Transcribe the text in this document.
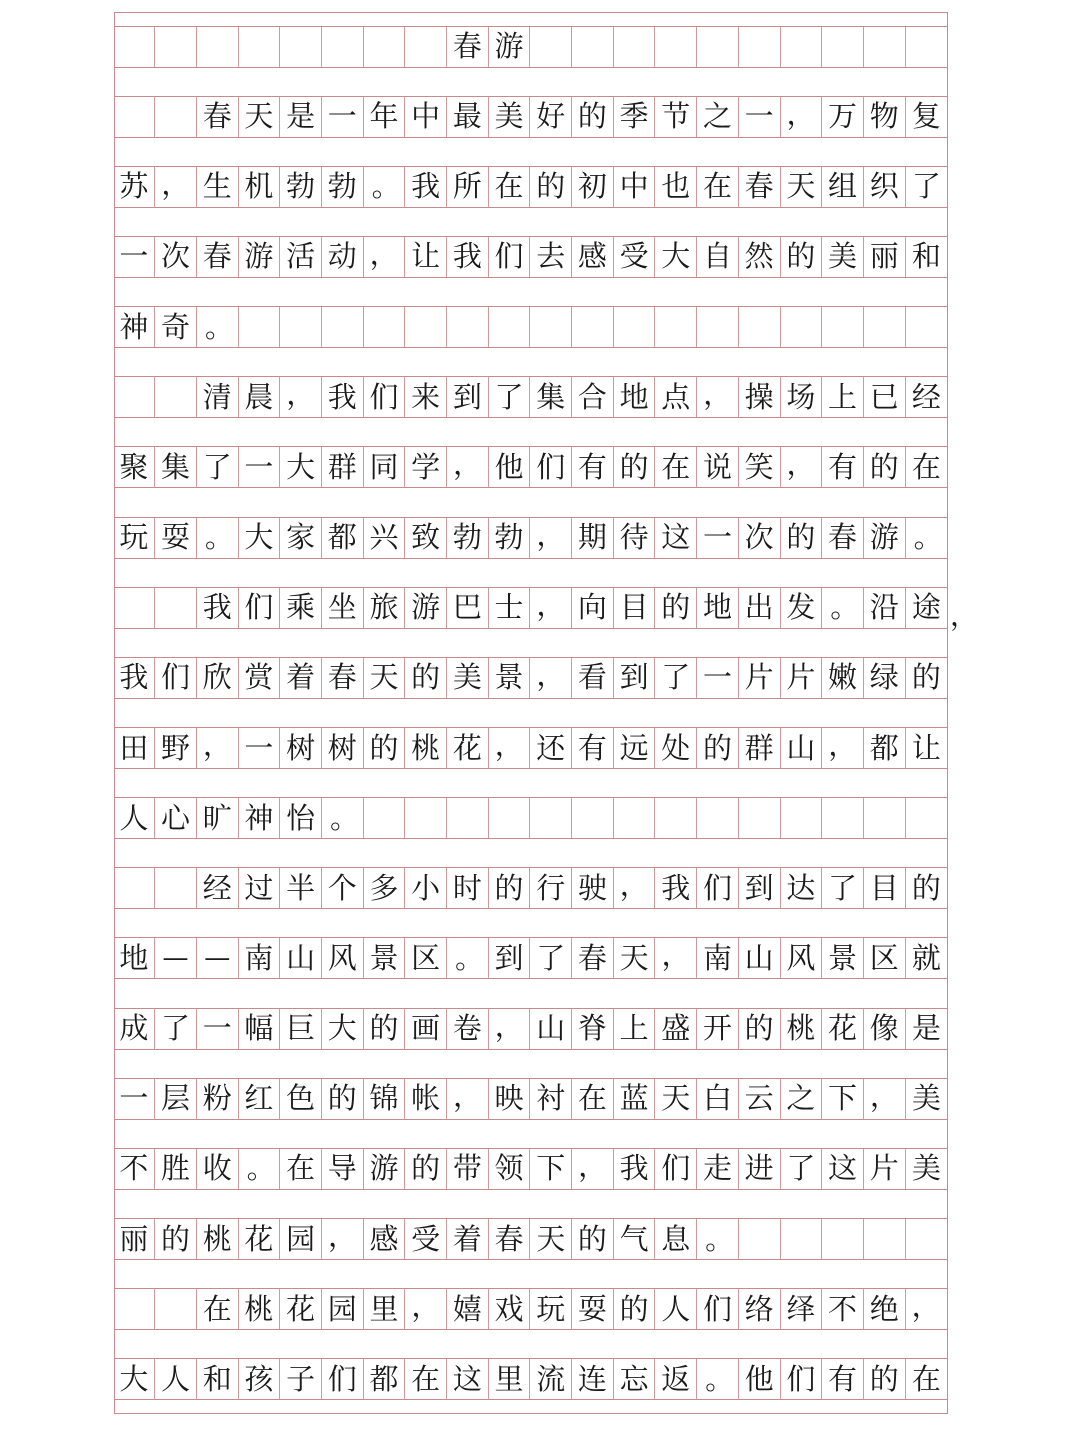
春 游
春 天 是 一 年 中 最 美 好 的 季 节 之 一 ， 万 物 复
苏 ， 生 机 勃 勃 。 我 所 在 的 初 中 也 在 春 天 组 织 了
一 次 春 游 活 动 ， 让 我 们 去 感 受 大 自 然 的 美 丽 和
神 奇 。
清 晨 ， 我 们 来 到 了 集 合 地 点 ， 操 场 上 已 经
聚 集 了 一 大 群 同 学 ， 他 们 有 的 在 说 笑 ， 有 的 在
玩 耍 。 大 家 都 兴 致 勃 勃 ， 期 待 这 一 次 的 春 游 。
我 们 乘 坐 旅 游 巴 士 ， 向 目 的 地 出 发 。 沿 途
我 们 欣 赏 着 春 天 的 美 景 ， 看 到 了 一 片 片 嫩 绿 的
田 野 ， 一 树 树 的 桃 花 ， 还 有 远 处 的 群 山 ， 都 让
人 心 旷 神 怡 。
经 过 半 个 多 小 时 的 行 驶 ， 我 们 到 达 了 目 的
地 — — 南 山 风 景 区 。 到 了 春 天 ， 南 山 风 景 区 就
成 了 一 幅 巨 大 的 画 卷 ， 山 脊 上 盛 开 的 桃 花 像 是
一 层 粉 红 色 的 锦 帐 ， 映 衬 在 蓝 天 白 云 之 下 ， 美
不 胜 收 。 在 导 游 的 带 领 下 ， 我 们 走 进 了 这 片 美
丽 的 桃 花 园 ， 感 受 着 春 天 的 气 息 。
在 桃 花 园 里 ， 嬉 戏 玩 耍 的 人 们 络 绎 不 绝 ，
大 人 和 孩 子 们 都 在 这 里 流 连 忘 返 。 他 们 有 的 在
，
